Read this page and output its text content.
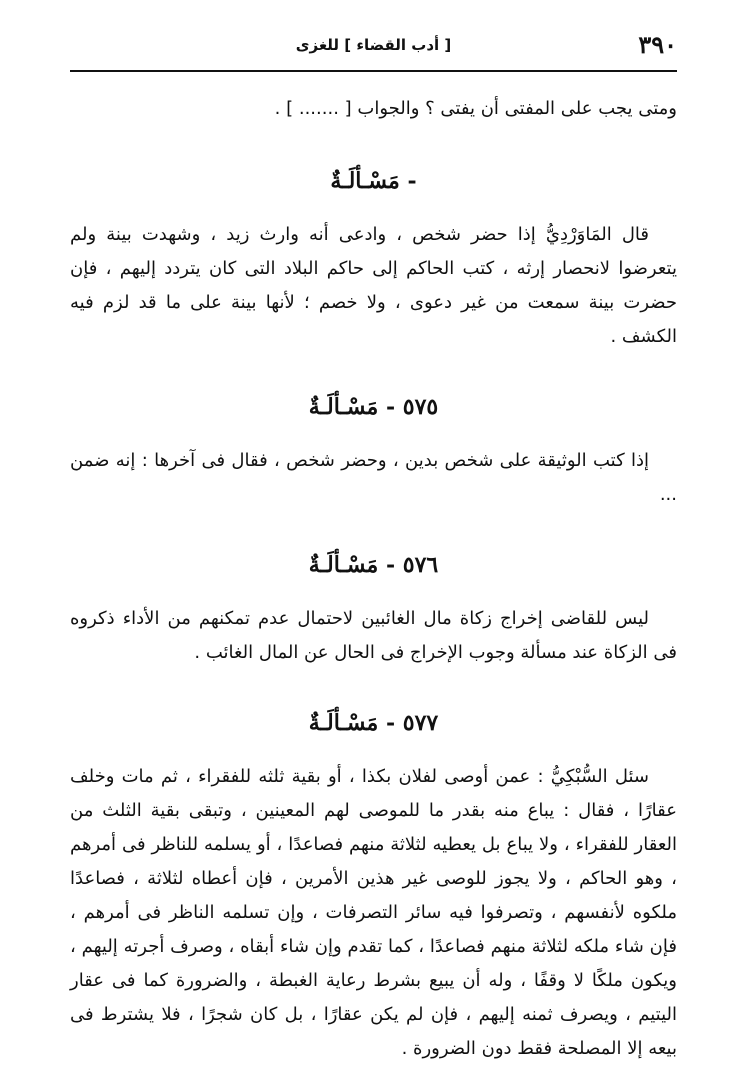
٣٩٠
[ أدب القضاء ] للغزى

ومتى يجب على المفتى أن يفتى ؟ والجواب [ ....... ] .

- مَسْـألَـةٌ

قال المَاوَرْدِيُّ إذا حضر شخص ، وادعى أنه وارث زيد ، وشهدت بينة ولم يتعرضوا لانحصار إرثه ، كتب الحاكم إلى حاكم البلاد التى كان يتردد إليهم ، فإن حضرت بينة سمعت من غير دعوى ، ولا خصم ؛ لأنها بينة على ما قد لزم فيه الكشف .

٥٧٥ - مَسْـألَـةٌ

إذا كتب الوثيقة على شخص بدين ، وحضر شخص ، فقال فى آخرها : إنه ضمن ...

٥٧٦ - مَسْـألَـةٌ

ليس للقاضى إخراج زكاة مال الغائبين لاحتمال عدم تمكنهم من الأداء ذكروه فى الزكاة عند مسألة وجوب الإخراج فى الحال عن المال الغائب .

٥٧٧ - مَسْـألَـةٌ

سئل السُّبْكِيُّ : عمن أوصى لفلان بكذا ، أو بقية ثلثه للفقراء ، ثم مات وخلف عقارًا ، فقال : يباع منه بقدر ما للموصى لهم المعينين ، وتبقى بقية الثلث من العقار للفقراء ، ولا يباع بل يعطيه لثلاثة منهم فصاعدًا ، أو يسلمه للناظر فى أمرهم ، وهو الحاكم ، ولا يجوز للوصى غير هذين الأمرين ، فإن أعطاه لثلاثة ، فصاعدًا ملكوه لأنفسهم ، وتصرفوا فيه سائر التصرفات ، وإن تسلمه الناظر فى أمرهم ، فإن شاء ملكه لثلاثة منهم فصاعدًا ، كما تقدم وإن شاء أبقاه ، وصرف أجرته إليهم ، ويكون ملكًا لا وقفًا ، وله أن يبيع بشرط رعاية الغبطة ، والضرورة كما فى عقار اليتيم ، ويصرف ثمنه إليهم ، فإن لم يكن عقارًا ، بل كان شجرًا ، فلا يشترط فى بيعه إلا المصلحة فقط دون الضرورة .
